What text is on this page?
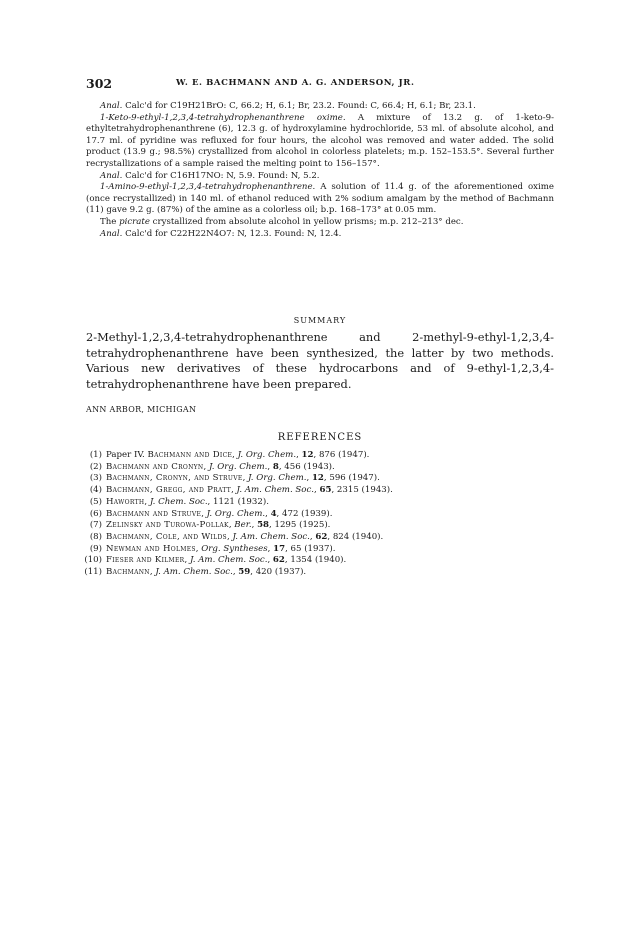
302	W. E. BACHMANN AND A. G. ANDERSON, JR.

Anal. Calc'd for C19H21BrO: C, 66.2; H, 6.1; Br, 23.2. Found: C, 66.4; H, 6.1; Br, 23.1.

1-Keto-9-ethyl-1,2,3,4-tetrahydrophenanthrene oxime. A mixture of 13.2 g. of 1-keto-9-ethyltetrahydrophenanthrene (6), 12.3 g. of hydroxylamine hydrochloride, 53 ml. of absolute alcohol, and 17.7 ml. of pyridine was refluxed for four hours, the alcohol was removed and water added. The solid product (13.9 g.; 98.5%) crystallized from alcohol in colorless platelets; m.p. 152–153.5°. Several further recrystallizations of a sample raised the melting point to 156–157°.

Anal. Calc'd for C16H17NO: N, 5.9. Found: N, 5.2.

1-Amino-9-ethyl-1,2,3,4-tetrahydrophenanthrene. A solution of 11.4 g. of the aforementioned oxime (once recrystallized) in 140 ml. of ethanol reduced with 2% sodium amalgam by the method of Bachmann (11) gave 9.2 g. (87%) of the amine as a colorless oil; b.p. 168–173° at 0.05 mm.

The picrate crystallized from absolute alcohol in yellow prisms; m.p. 212–213° dec.

Anal. Calc'd for C22H22N4O7: N, 12.3. Found: N, 12.4.

SUMMARY

2-Methyl-1,2,3,4-tetrahydrophenanthrene and 2-methyl-9-ethyl-1,2,3,4-tetrahydrophenanthrene have been synthesized, the latter by two methods. Various new derivatives of these hydrocarbons and of 9-ethyl-1,2,3,4-tetrahydrophenanthrene have been prepared.

ANN ARBOR, MICHIGAN
REFERENCES
(1) Paper IV. Bachmann and Dice, J. Org. Chem., 12, 876 (1947).
(2) Bachmann and Cronyn, J. Org. Chem., 8, 456 (1943).
(3) Bachmann, Cronyn, and Struve, J. Org. Chem., 12, 596 (1947).
(4) Bachmann, Gregg, and Pratt, J. Am. Chem. Soc., 65, 2315 (1943).
(5) Haworth, J. Chem. Soc., 1121 (1932).
(6) Bachmann and Struve, J. Org. Chem., 4, 472 (1939).
(7) Zelinsky and Turowa-Pollak, Ber., 58, 1295 (1925).
(8) Bachmann, Cole, and Wilds, J. Am. Chem. Soc., 62, 824 (1940).
(9) Newman and Holmes, Org. Syntheses, 17, 65 (1937).
(10) Fieser and Kilmer, J. Am. Chem. Soc., 62, 1354 (1940).
(11) Bachmann, J. Am. Chem. Soc., 59, 420 (1937).
